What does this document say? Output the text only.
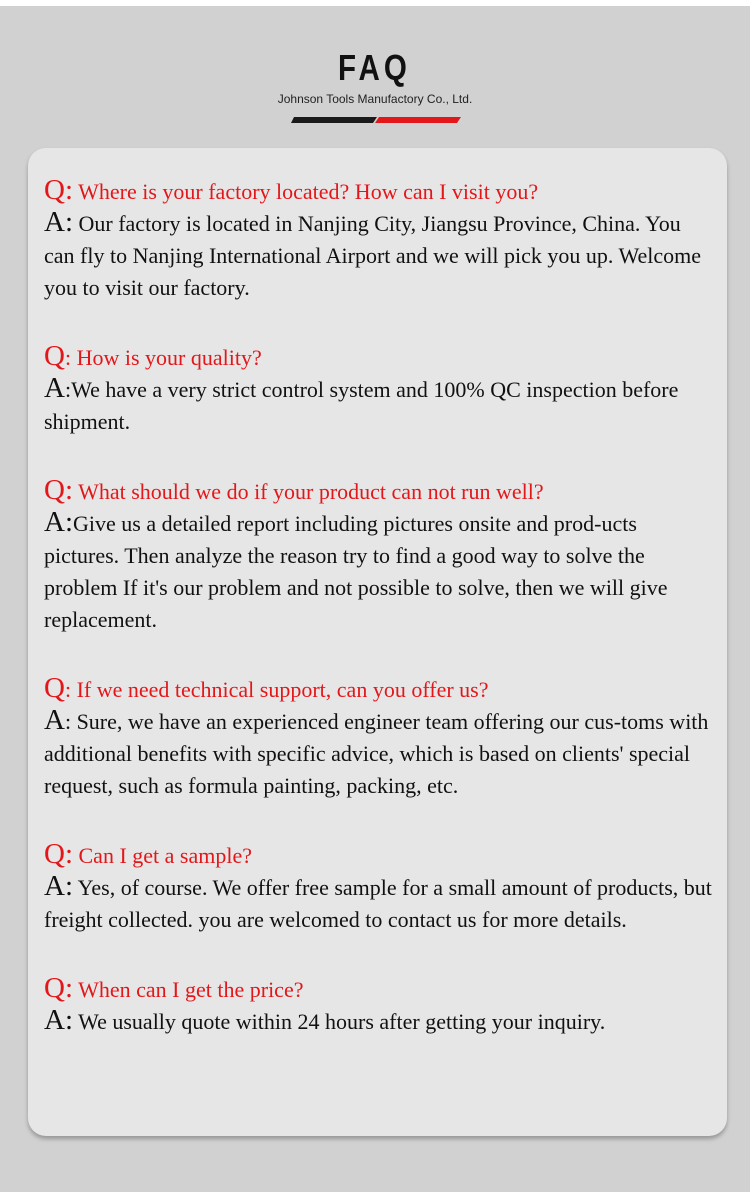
FAQ
Johnson Tools Manufactory Co., Ltd.
Q: Where is your factory located? How can I visit you?
A: Our factory is located in Nanjing City, Jiangsu Province, China. You can fly to Nanjing International Airport and we will pick you up. Welcome you to visit our factory.
Q: How is your quality?
A:We have a very strict control system and 100% QC inspection before shipment.
Q: What should we do if your product can not run well?
A:Give us a detailed report including pictures onsite and prod-ucts pictures. Then analyze the reason try to find a good way to solve the problem If it's our problem and not possible to solve, then we will give replacement.
Q: If we need technical support, can you offer us?
A: Sure, we have an experienced engineer team offering our cus-toms with additional benefits with specific advice, which is based on clients' special request, such as formula painting, packing, etc.
Q: Can I get a sample?
A: Yes, of course. We offer free sample for a small amount of products, but freight collected. you are welcomed to contact us for more details.
Q: When can I get the price?
A: We usually quote within 24 hours after getting your inquiry.
